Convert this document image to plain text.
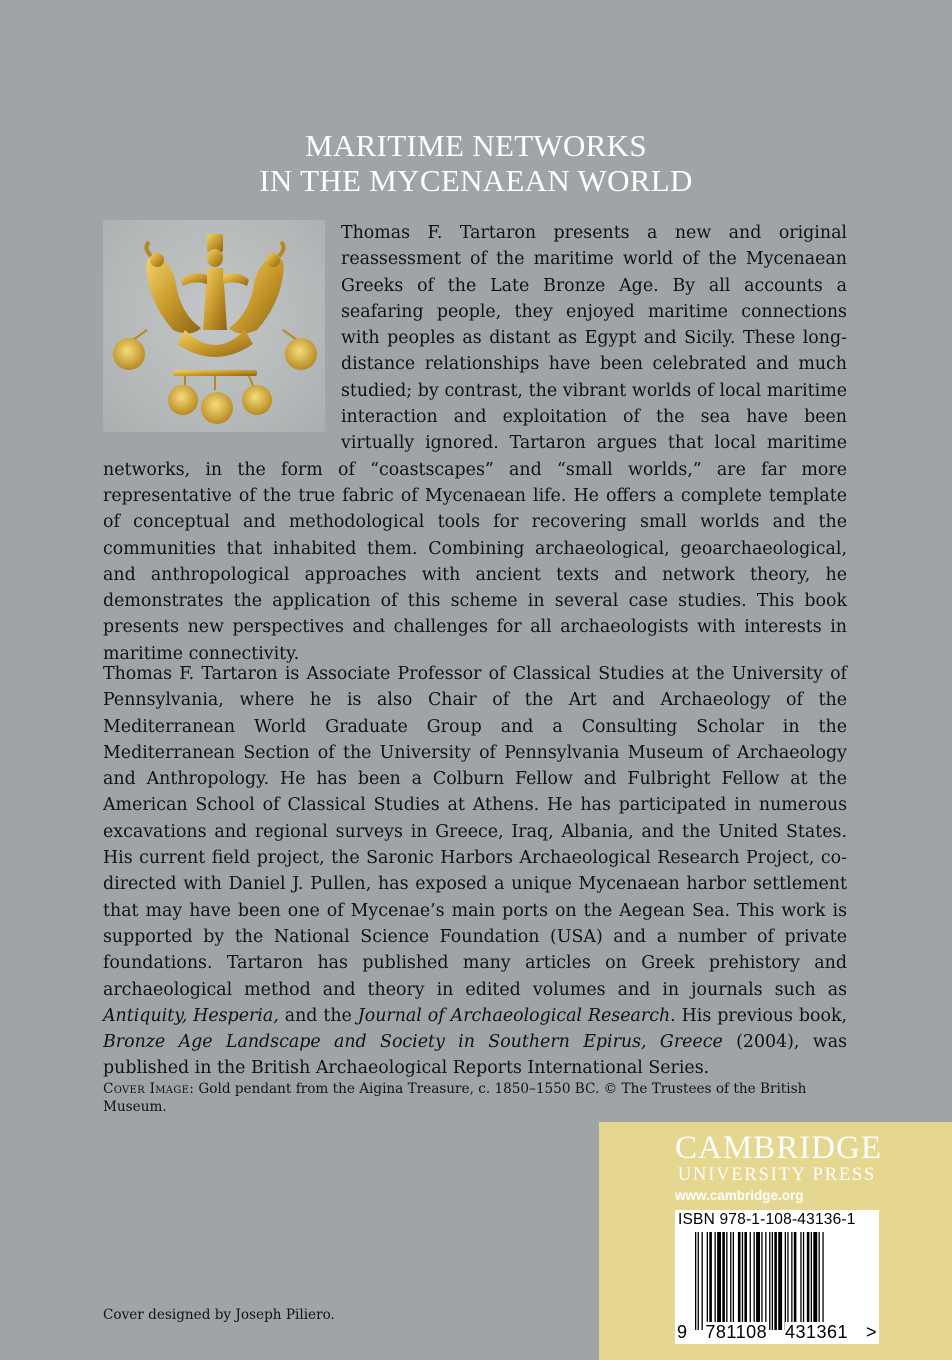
MARITIME NETWORKS
IN THE MYCENAEAN WORLD
Thomas F. Tartaron presents a new and original reassessment of the maritime world of the Mycenaean Greeks of the Late Bronze Age. By all accounts a seafaring people, they enjoyed maritime connections with peoples as distant as Egypt and Sicily. These long-distance relationships have been celebrated and much studied; by contrast, the vibrant worlds of local maritime interaction and exploitation of the sea have been virtually ignored. Tartaron argues that local maritime networks, in the form of “coastscapes” and “small worlds,” are far more representative of the true fabric of Mycenaean life. He offers a complete template of conceptual and methodological tools for recovering small worlds and the communities that inhabited them. Combining archaeological, geoarchaeological, and anthropological approaches with ancient texts and network theory, he demonstrates the application of this scheme in several case studies. This book presents new perspectives and challenges for all archaeologists with interests in maritime connectivity.
Thomas F. Tartaron is Associate Professor of Classical Studies at the University of Pennsylvania, where he is also Chair of the Art and Archaeology of the Mediterranean World Graduate Group and a Consulting Scholar in the Mediterranean Section of the University of Pennsylvania Museum of Archaeology and Anthropology. He has been a Colburn Fellow and Fulbright Fellow at the American School of Classical Studies at Athens. He has participated in numerous excavations and regional surveys in Greece, Iraq, Albania, and the United States. His current field project, the Saronic Harbors Archaeological Research Project, co-directed with Daniel J. Pullen, has exposed a unique Mycenaean harbor settlement that may have been one of Mycenae’s main ports on the Aegean Sea. This work is supported by the National Science Foundation (USA) and a number of private foundations. Tartaron has published many articles on Greek prehistory and archaeological method and theory in edited volumes and in journals such as Antiquity, Hesperia, and the Journal of Archaeological Research. His previous book, Bronze Age Landscape and Society in Southern Epirus, Greece (2004), was published in the British Archaeological Reports International Series.
Cover Image: Gold pendant from the Aigina Treasure, c. 1850–1550 BC. © The Trustees of the British Museum.
Cover designed by Joseph Piliero.
CAMBRIDGE
UNIVERSITY PRESS
www.cambridge.org
ISBN 978-1-108-43136-1
9 781108 431361 >
